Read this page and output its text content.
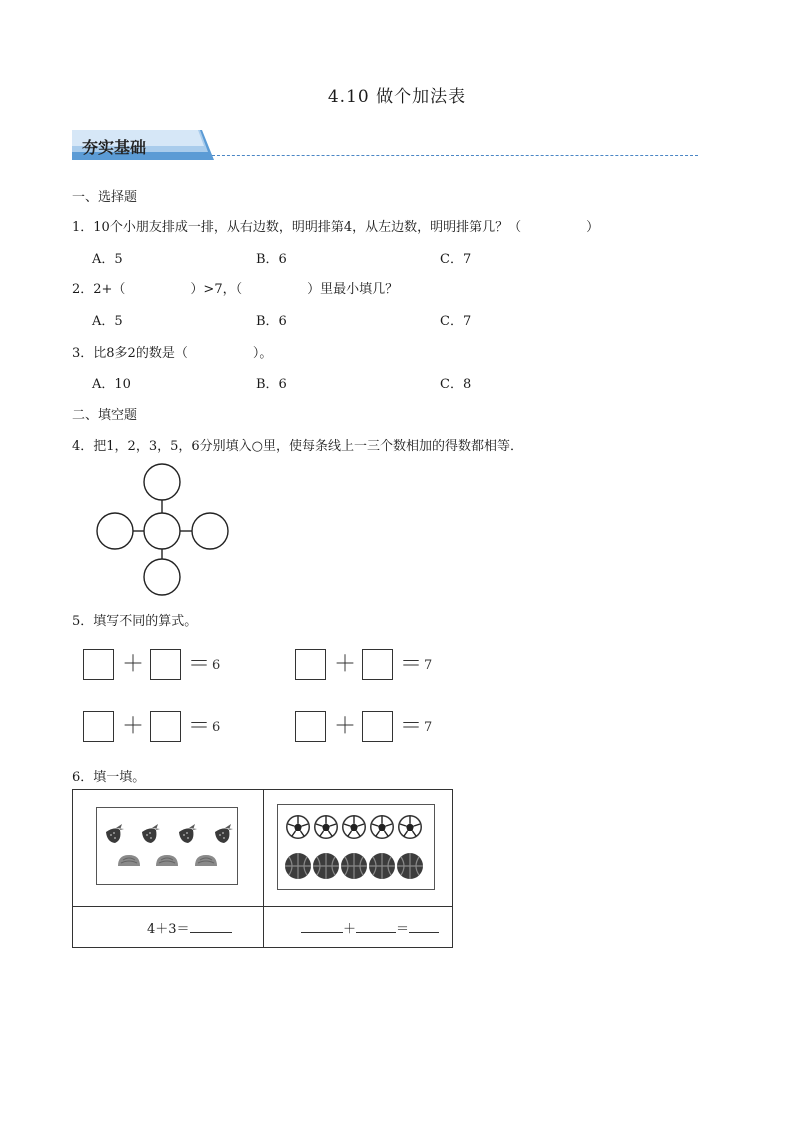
4.10 做个加法表
夯实基础
一、选择题
1．10个小朋友排成一排，从右边数，明明排第4，从左边数，明明排第几？（　　　　　）
A．5	B．6	C．7
2．2+（　　　　　）>7，（　　　　　）里最小填几？
A．5	B．6	C．7
3．比8多2的数是（　　　　　）。
A．10	B．6	C．8
二、填空题
4．把1，2，3，5，6分别填入○里，使每条线上一三个数相加的得数都相等．
5．填写不同的算式。
＋ ＝ 6	＋ ＝ 7
＋ ＝ 6	＋ ＝ 7
6．填一填。
4＋3＝	＋	＝
